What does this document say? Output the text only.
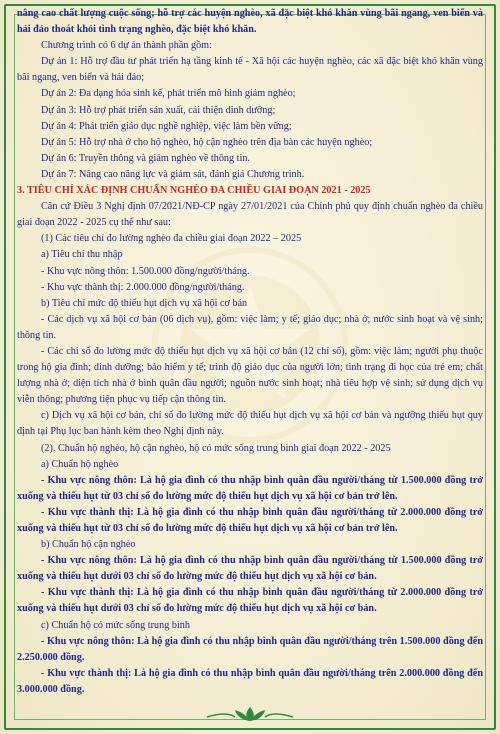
nâng cao chất lượng cuộc sống; hỗ trợ các huyện nghèo, xã đặc biệt khó khăn vùng bãi ngang, ven biển và hải đảo thoát khỏi tình trạng nghèo, đặc biệt khó khăn.

Chương trình có 6 dự án thành phần gồm:

Dự án 1: Hỗ trợ đầu tư phát triển hạ tầng kinh tế - Xã hội các huyện nghèo, các xã đặc biệt khó khăn vùng bãi ngang, ven biển và hải đảo;

Dự án 2: Đa dạng hóa sinh kế, phát triển mô hình giảm nghèo;

Dự án 3: Hỗ trợ phát triển sản xuất, cải thiện dinh dưỡng;

Dự án 4: Phát triển giáo dục nghề nghiệp, việc làm bền vững;

Dự án 5: Hỗ trợ nhà ở cho hộ nghèo, hộ cận nghèo trên địa bàn các huyện nghèo;

Dự án 6: Truyền thông và giảm nghèo về thông tin.

Dự án 7: Nâng cao năng lực và giám sát, đánh giá Chương trình.

3. TIÊU CHÍ XÁC ĐỊNH CHUẨN NGHÈO ĐA CHIỀU GIAI ĐOẠN 2021 - 2025

Căn cứ Điều 3 Nghị định 07/2021/NĐ-CP ngày 27/01/2021 của Chính phủ quy định chuẩn nghèo đa chiều giai đoạn 2022 - 2025 cụ thể như sau:

(1) Các tiêu chí đo lường nghèo đa chiều giai đoạn 2022 – 2025

a) Tiêu chí thu nhập

- Khu vực nông thôn: 1.500.000 đồng/người/tháng.

- Khu vực thành thị: 2.000.000 đồng/người/tháng.

b) Tiêu chí mức độ thiếu hụt dịch vụ xã hội cơ bản

- Các dịch vụ xã hội cơ bản (06 dịch vụ), gồm: việc làm; y tế; giáo dục; nhà ở; nước sinh hoạt và vệ sinh; thông tin.

- Các chỉ số đo lường mức độ thiếu hụt dịch vụ xã hội cơ bản (12 chỉ số), gồm: việc làm; người phụ thuộc trong hộ gia đình; dinh dưỡng; bảo hiểm y tế; trình độ giáo dục của người lớn; tình trạng đi học của trẻ em; chất lượng nhà ở; diện tích nhà ở bình quân đầu người; nguồn nước sinh hoạt; nhà tiêu hợp vệ sinh; sử dụng dịch vụ viễn thông; phương tiện phục vụ tiếp cận thông tin.

c) Dịch vụ xã hội cơ bản, chỉ số đo lường mức độ thiếu hụt dịch vụ xã hội cơ bản và ngưỡng thiếu hụt quy định tại Phụ lục ban hành kèm theo Nghị định này.

(2). Chuẩn hộ nghèo, hộ cận nghèo, hộ có mức sống trung bình giai đoạn 2022 - 2025

a) Chuẩn hộ nghèo

- Khu vực nông thôn: Là hộ gia đình có thu nhập bình quân đầu người/tháng từ 1.500.000 đồng trở xuống và thiếu hụt từ 03 chỉ số đo lường mức độ thiếu hụt dịch vụ xã hội cơ bản trở lên.

- Khu vực thành thị: Là hộ gia đình có thu nhập bình quân đầu người/tháng từ 2.000.000 đồng trở xuống và thiếu hụt từ 03 chỉ số đo lường mức độ thiếu hụt dịch vụ xã hội cơ bản trở lên.

b) Chuẩn hộ cận nghèo

- Khu vực nông thôn: Là hộ gia đình có thu nhập bình quân đầu người/tháng từ 1.500.000 đồng trở xuống và thiếu hụt dưới 03 chỉ số đo lường mức độ thiếu hụt dịch vụ xã hội cơ bản.

- Khu vực thành thị: Là hộ gia đình có thu nhập bình quân đầu người/tháng từ 2.000.000 đồng trở xuống và thiếu hụt dưới 03 chỉ số đo lường mức độ thiếu hụt dịch vụ xã hội cơ bản.

c) Chuẩn hộ có mức sống trung bình

- Khu vực nông thôn: Là hộ gia đình có thu nhập bình quân đầu người/tháng trên 1.500.000 đồng đến 2.250.000 đồng.

- Khu vực thành thị: Là hộ gia đình có thu nhập bình quân đầu người/tháng trên 2.000.000 đồng đến 3.000.000 đồng.
